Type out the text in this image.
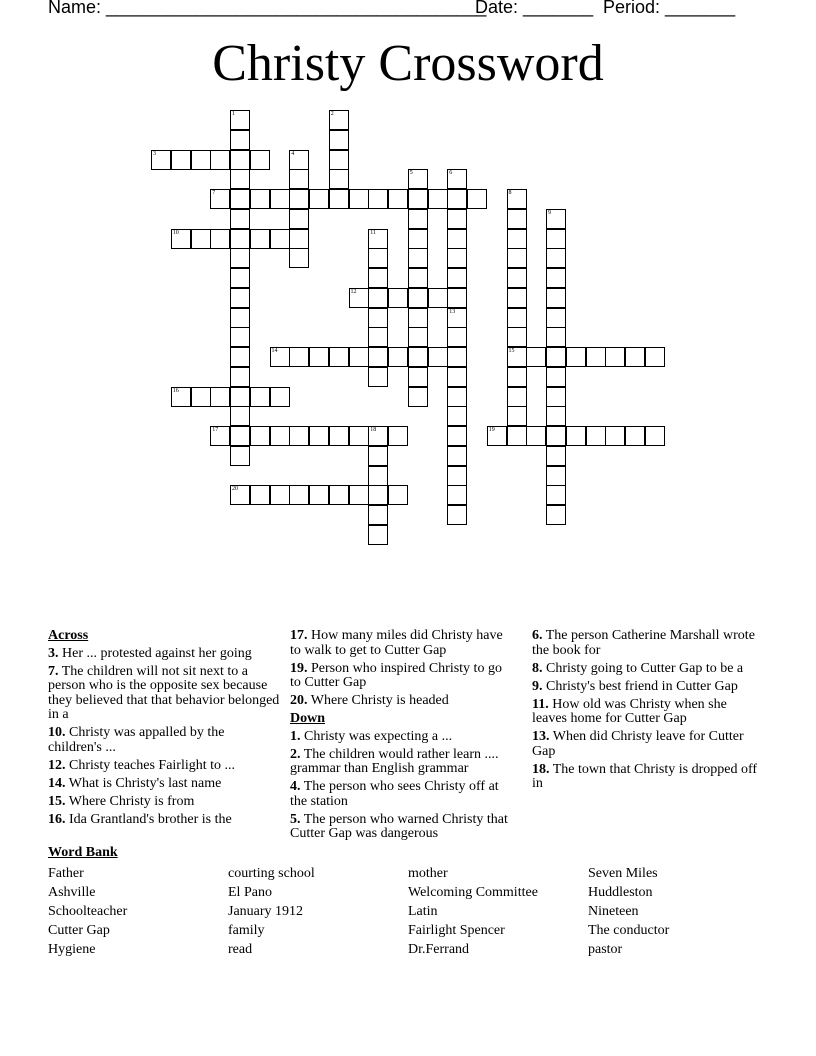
Name: ______________________________________

Date: _______

Period: _______

Christy Crossword
3
7
10
12
14	15
16
17	18	19
20
1	2
4
5	6
8
9
11
13
Across
3. Her ... protested against her going
7. The children will not sit next to a person who is the opposite sex because they believed that that behavior belonged in a
10. Christy was appalled by the children's ...
12. Christy teaches Fairlight to ...
14. What is Christy's last name
15. Where Christy is from
16. Ida Grantland's brother is the
17. How many miles did Christy have to walk to get to Cutter Gap
19. Person who inspired Christy to go to Cutter Gap
20. Where Christy is headed
Down
1. Christy was expecting a ...
2. The children would rather learn .... grammar than English grammar
4. The person who sees Christy off at the station
5. The person who warned Christy that Cutter Gap was dangerous
6. The person Catherine Marshall wrote the book for
8. Christy going to Cutter Gap to be a
9. Christy's best friend in Cutter Gap
11. How old was Christy when she leaves home for Cutter Gap
13. When did Christy leave for Cutter Gap
18. The town that Christy is dropped off in
Word Bank
Father
Ashville
Schoolteacher
Cutter Gap
Hygiene
courting school
El Pano
January 1912
family
read
mother
Welcoming Committee
Latin
Fairlight Spencer
Dr.Ferrand
Seven Miles
Huddleston
Nineteen
The conductor
pastor
